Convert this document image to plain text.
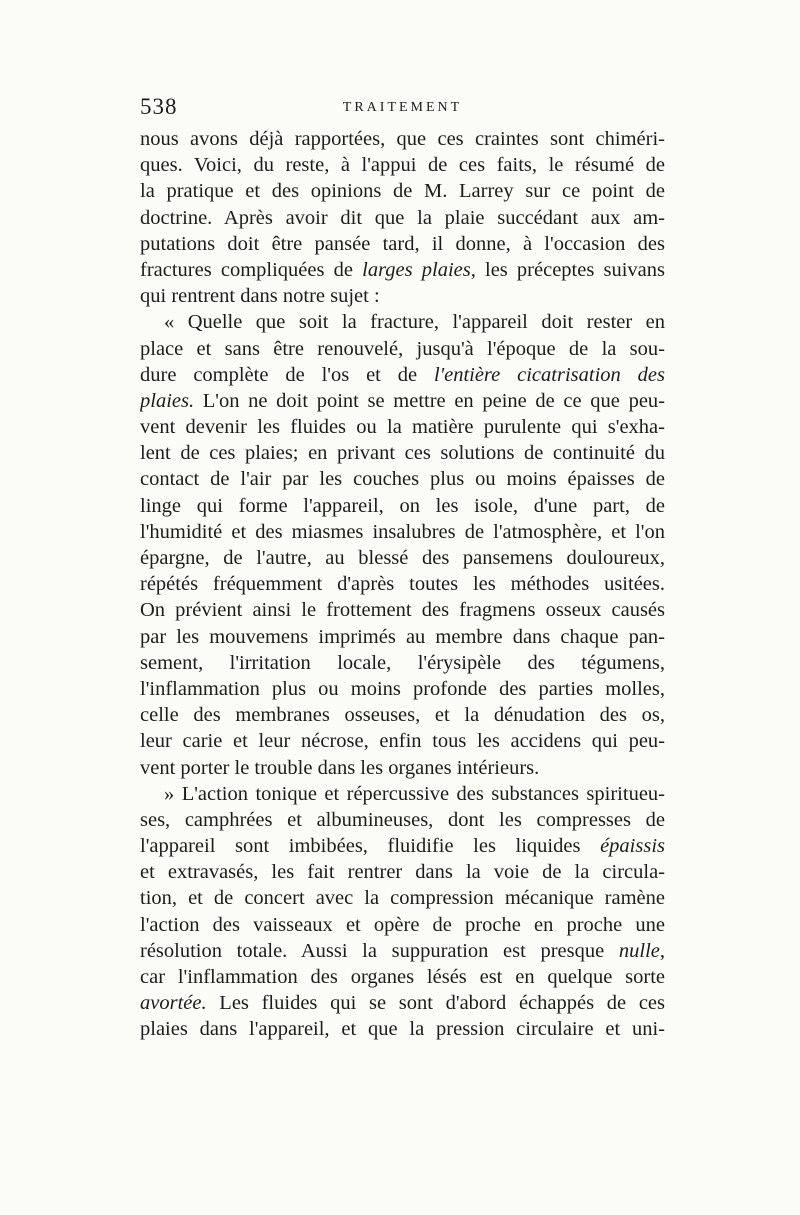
538	TRAITEMENT
nous avons déjà rapportées, que ces craintes sont chiméri-
ques. Voici, du reste, à l'appui de ces faits, le résumé de
la pratique et des opinions de M. Larrey sur ce point de
doctrine. Après avoir dit que la plaie succédant aux am-
putations doit être pansée tard, il donne, à l'occasion des
fractures compliquées de larges plaies, les préceptes suivans
qui rentrent dans notre sujet :
« Quelle que soit la fracture, l'appareil doit rester en
place et sans être renouvelé, jusqu'à l'époque de la sou-
dure complète de l'os et de l'entière cicatrisation des
plaies. L'on ne doit point se mettre en peine de ce que peu-
vent devenir les fluides ou la matière purulente qui s'exha-
lent de ces plaies; en privant ces solutions de continuité du
contact de l'air par les couches plus ou moins épaisses de
linge qui forme l'appareil, on les isole, d'une part, de
l'humidité et des miasmes insalubres de l'atmosphère, et l'on
épargne, de l'autre, au blessé des pansemens douloureux,
répétés fréquemment d'après toutes les méthodes usitées.
On prévient ainsi le frottement des fragmens osseux causés
par les mouvemens imprimés au membre dans chaque pan-
sement, l'irritation locale, l'érysipèle des tégumens,
l'inflammation plus ou moins profonde des parties molles,
celle des membranes osseuses, et la dénudation des os,
leur carie et leur nécrose, enfin tous les accidens qui peu-
vent porter le trouble dans les organes intérieurs.
» L'action tonique et répercussive des substances spiritueu-
ses, camphrées et albumineuses, dont les compresses de
l'appareil sont imbibées, fluidifie les liquides épaissis
et extravasés, les fait rentrer dans la voie de la circula-
tion, et de concert avec la compression mécanique ramène
l'action des vaisseaux et opère de proche en proche une
résolution totale. Aussi la suppuration est presque nulle,
car l'inflammation des organes lésés est en quelque sorte
avortée. Les fluides qui se sont d'abord échappés de ces
plaies dans l'appareil, et que la pression circulaire et uni-
